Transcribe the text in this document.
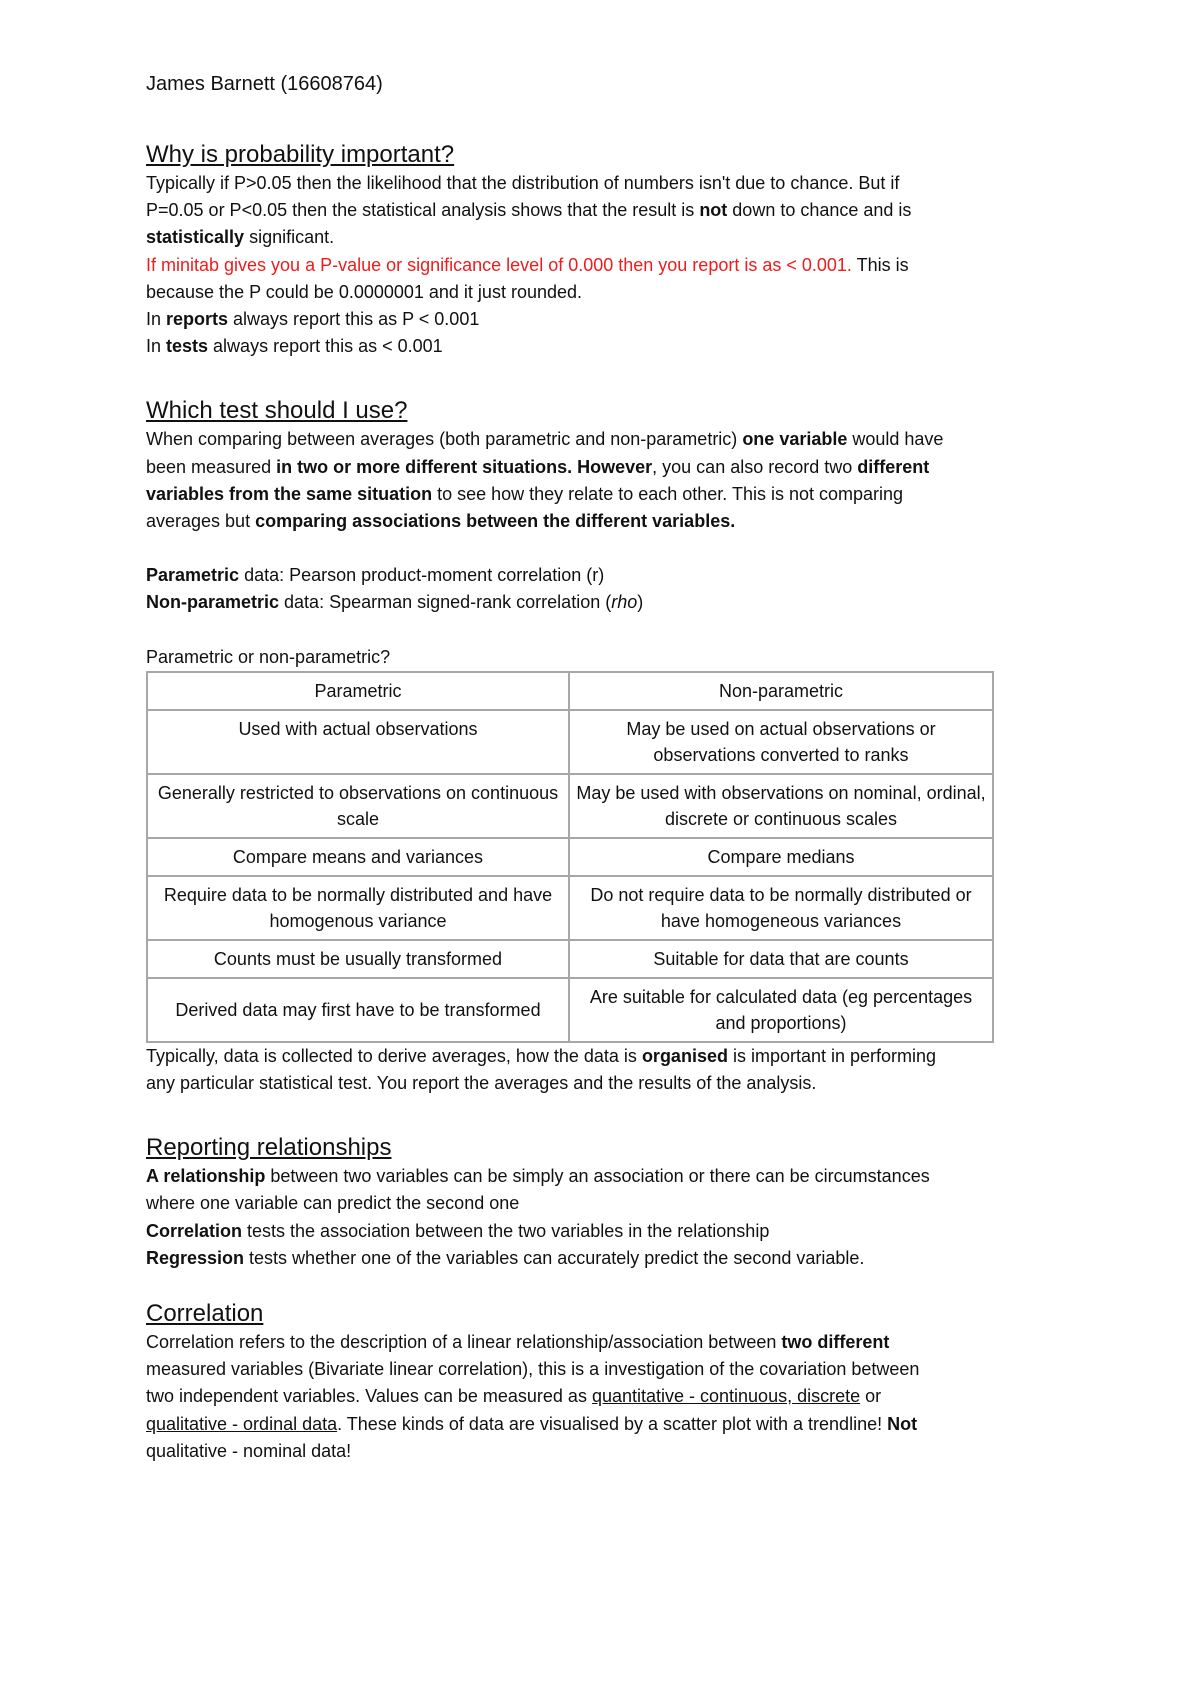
James Barnett (16608764)
Why is probability important?

Typically if P>0.05 then the likelihood that the distribution of numbers isn't due to chance. But if

P=0.05 or P<0.05 then the statistical analysis shows that the result is not down to chance and is

statistically significant.

If minitab gives you a P-value or significance level of 0.000 then you report is as < 0.001. This is

because the P could be 0.0000001 and it just rounded.

In reports always report this as P < 0.001

In tests always report this as < 0.001

Which test should I use?

When comparing between averages (both parametric and non-parametric) one variable would have

been measured in two or more different situations. However, you can also record two different

variables from the same situation to see how they relate to each other. This is not comparing

averages but comparing associations between the different variables.

Parametric data: Pearson product-moment correlation (r)

Non-parametric data: Spearman signed-rank correlation (rho)

Parametric or non-parametric?

Parametric	Non-parametric
Used with actual observations	May be used on actual observations or observations converted to ranks
Generally restricted to observations on continuous scale	May be used with observations on nominal, ordinal, discrete or continuous scales
Compare means and variances	Compare medians
Require data to be normally distributed and have homogenous variance	Do not require data to be normally distributed or have homogeneous variances
Counts must be usually transformed	Suitable for data that are counts
Derived data may first have to be transformed	Are suitable for calculated data (eg percentages and proportions)

Typically, data is collected to derive averages, how the data is organised is important in performing

any particular statistical test. You report the averages and the results of the analysis.

Reporting relationships

A relationship between two variables can be simply an association or there can be circumstances

where one variable can predict the second one

Correlation tests the association between the two variables in the relationship

Regression tests whether one of the variables can accurately predict the second variable.

Correlation

Correlation refers to the description of a linear relationship/association between two different

measured variables (Bivariate linear correlation), this is a investigation of the covariation between

two independent variables. Values can be measured as quantitative - continuous, discrete or

qualitative - ordinal data. These kinds of data are visualised by a scatter plot with a trendline! Not

qualitative - nominal data!
